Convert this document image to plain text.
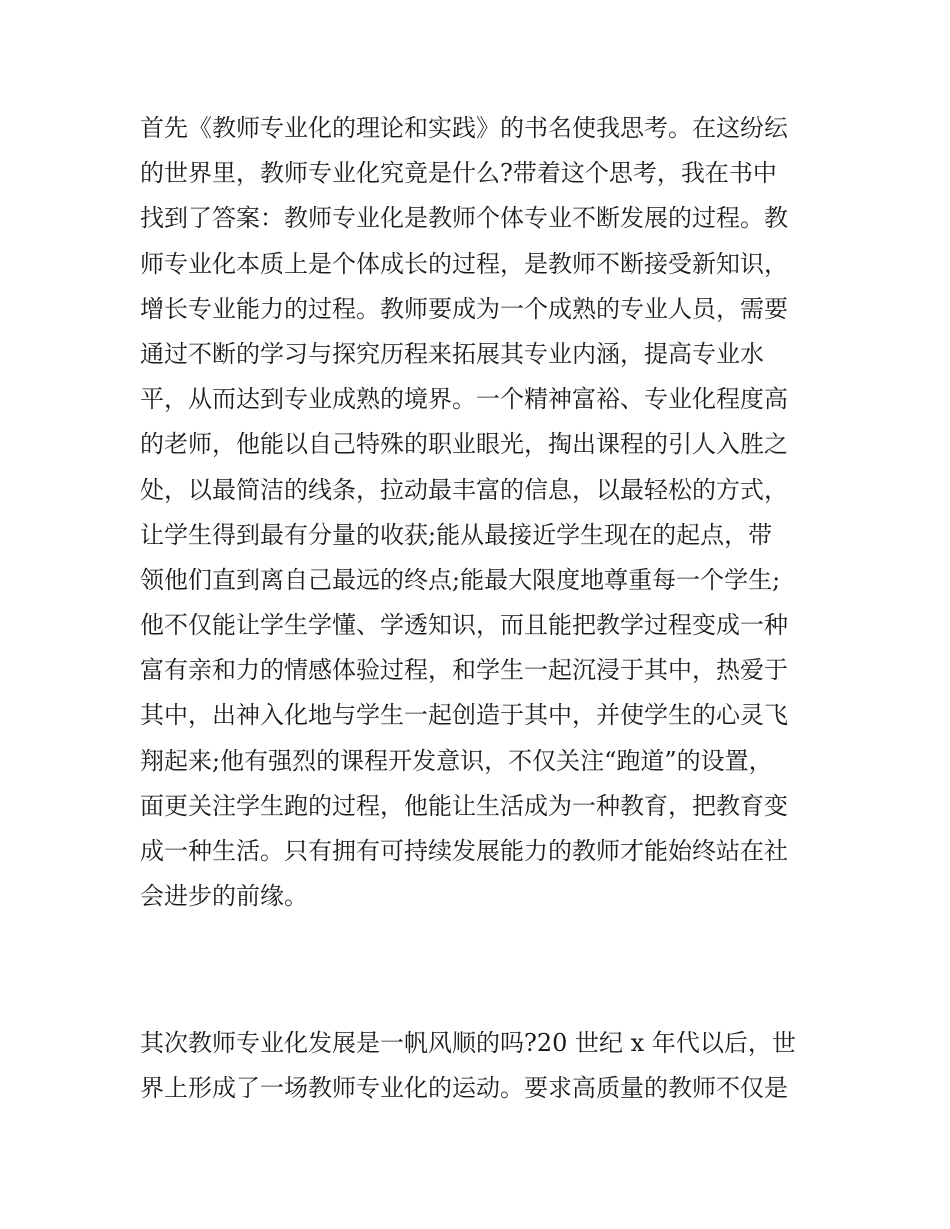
首先《教师专业化的理论和实践》的书名使我思考。在这纷纭
的世界里，教师专业化究竟是什么?带着这个思考，我在书中
找到了答案：教师专业化是教师个体专业不断发展的过程。教
师专业化本质上是个体成长的过程，是教师不断接受新知识，
增长专业能力的过程。教师要成为一个成熟的专业人员，需要
通过不断的学习与探究历程来拓展其专业内涵，提高专业水
平，从而达到专业成熟的境界。一个精神富裕、专业化程度高
的老师，他能以自己特殊的职业眼光，掏出课程的引人入胜之
处，以最简洁的线条，拉动最丰富的信息，以最轻松的方式，
让学生得到最有分量的收获;能从最接近学生现在的起点，带
领他们直到离自己最远的终点;能最大限度地尊重每一个学生;
他不仅能让学生学懂、学透知识，而且能把教学过程变成一种
富有亲和力的情感体验过程，和学生一起沉浸于其中，热爱于
其中，出神入化地与学生一起创造于其中，并使学生的心灵飞
翔起来;他有强烈的课程开发意识，不仅关注“跑道”的设置，
面更关注学生跑的过程，他能让生活成为一种教育，把教育变
成一种生活。只有拥有可持续发展能力的教师才能始终站在社
会进步的前缘。
其次教师专业化发展是一帆风顺的吗?20 世纪 x 年代以后，世
界上形成了一场教师专业化的运动。要求高质量的教师不仅是
